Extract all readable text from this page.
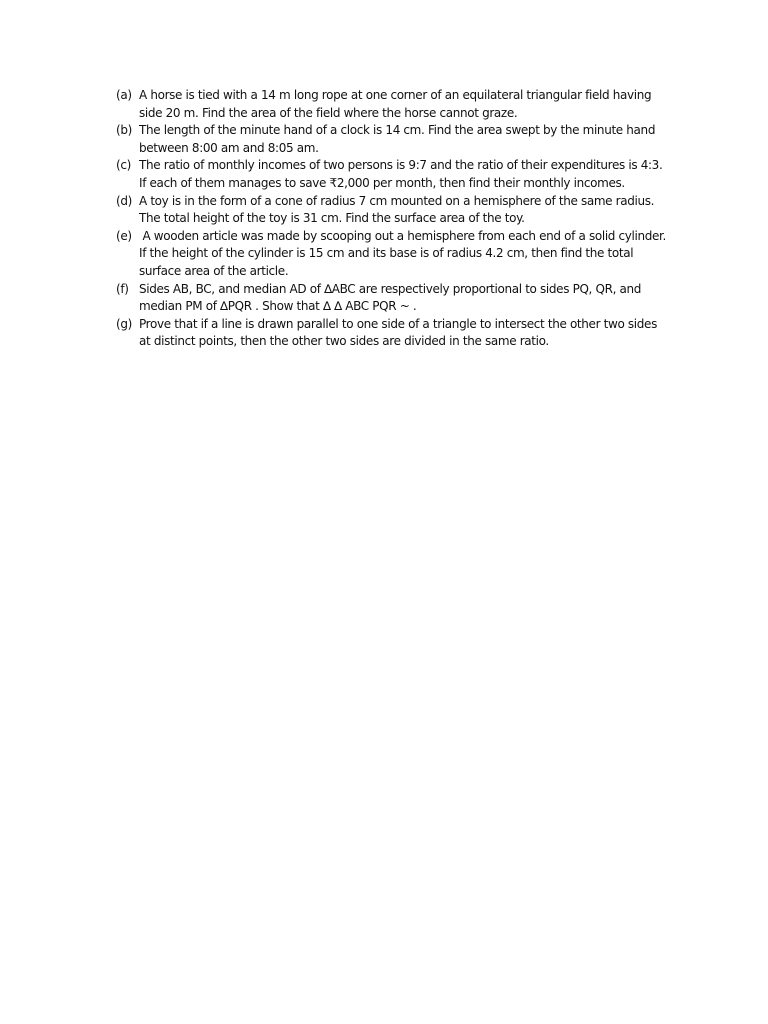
(a) A horse is tied with a 14 m long rope at one corner of an equilateral triangular field having
side 20 m. Find the area of the field where the horse cannot graze.
(b) The length of the minute hand of a clock is 14 cm. Find the area swept by the minute hand
between 8:00 am and 8:05 am.
(c) The ratio of monthly incomes of two persons is 9:7 and the ratio of their expenditures is 4:3.
If each of them manages to save ₹2,000 per month, then find their monthly incomes.
(d) A toy is in the form of a cone of radius 7 cm mounted on a hemisphere of the same radius.
The total height of the toy is 31 cm. Find the surface area of the toy.
(e) A wooden article was made by scooping out a hemisphere from each end of a solid cylinder.
If the height of the cylinder is 15 cm and its base is of radius 4.2 cm, then find the total
surface area of the article.
(f) Sides AB, BC, and median AD of ∆ABC are respectively proportional to sides PQ, QR, and
median PM of ∆PQR . Show that ∆ ∆ ABC PQR ~ .
(g) Prove that if a line is drawn parallel to one side of a triangle to intersect the other two sides
at distinct points, then the other two sides are divided in the same ratio.
